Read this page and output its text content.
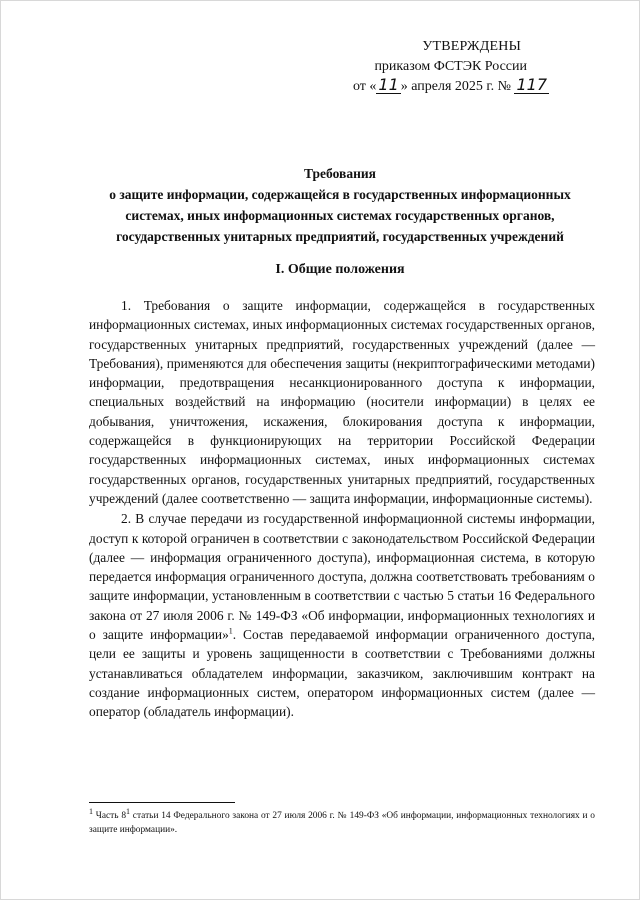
УТВЕРЖДЕНЫ
приказом ФСТЭК России
от « 11 » апреля 2025 г. № 117
Требования
о защите информации, содержащейся в государственных информационных
системах, иных информационных системах государственных органов,
государственных унитарных предприятий, государственных учреждений
I. Общие положения

1. Требования о защите информации, содержащейся в государственных информационных системах, иных информационных системах государственных органов, государственных унитарных предприятий, государственных учреждений (далее — Требования), применяются для обеспечения защиты (некриптографическими методами) информации, предотвращения несанкционированного доступа к информации, специальных воздействий на информацию (носители информации) в целях ее добывания, уничтожения, искажения, блокирования доступа к информации, содержащейся в функционирующих на территории Российской Федерации государственных информационных системах, иных информационных системах государственных органов, государственных унитарных предприятий, государственных учреждений (далее соответственно — защита информации, информационные системы).

2. В случае передачи из государственной информационной системы информации, доступ к которой ограничен в соответствии с законодательством Российской Федерации (далее — информация ограниченного доступа), информационная система, в которую передается информация ограниченного доступа, должна соответствовать требованиям о защите информации, установленным в соответствии с частью 5 статьи 16 Федерального закона от 27 июля 2006 г. № 149-ФЗ «Об информации, информационных технологиях и о защите информации»$^1$. Состав передаваемой информации ограниченного доступа, цели ее защиты и уровень защищенности в соответствии с Требованиями должны устанавливаться обладателем информации, заказчиком, заключившим контракт на создание информационных систем, оператором информационных систем (далее — оператор (обладатель информации).

$^1$ Часть $8^1$ статьи 14 Федерального закона от 27 июля 2006 г. № 149-ФЗ «Об информации, информационных технологиях и о защите информации».
